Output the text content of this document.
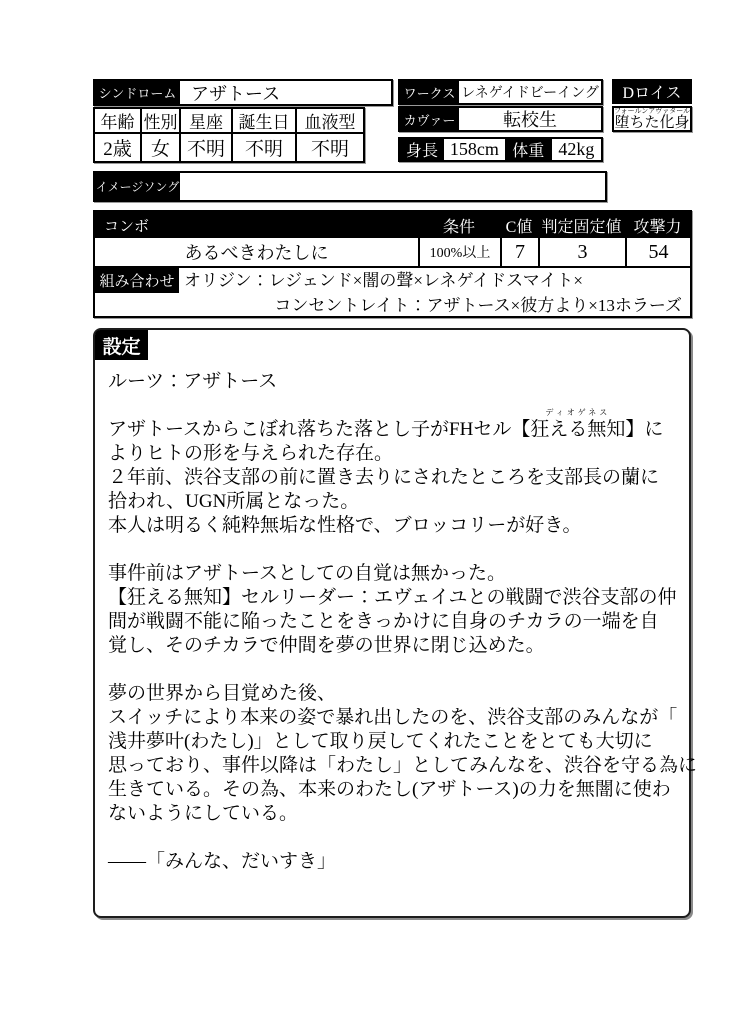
シンドローム アザトース
年齢 性別 星座 誕生日 血液型
2歳	女 不明	不明	不明
ワークス レネゲイドビーイング
カヴァー	転校生
身長 158cm 体重 42kg
Dロイス
フォールンアヴァタール
堕ちた化身
イメージソング
コンボ	条件	C値 判定固定値 攻撃力
あるべきわたしに	100%以上	7	3	54
組み合わせ オリジン：レジェンド×闇の聲×レネゲイドスマイト×
コンセントレイト：アザトース×彼方より×13ホラーズ
設定
ルーツ：アザトース
アザトースからこぼれ落ちた落とし子がFHセル【
ディオゲネス
狂える無知】に
よりヒトの形を与えられた存在。
２年前、渋谷支部の前に置き去りにされたところを支部長の蘭に
拾われ、UGN所属となった。
本人は明るく純粋無垢な性格で、ブロッコリーが好き。
事件前はアザトースとしての自覚は無かった。
【狂える無知】セルリーダー：エヴェイユとの戦闘で渋谷支部の仲
間が戦闘不能に陥ったことをきっかけに自身のチカラの一端を自
覚し、そのチカラで仲間を夢の世界に閉じ込めた。
夢の世界から目覚めた後、
スイッチにより本来の姿で暴れ出したのを、渋谷支部のみんなが「
浅井夢叶(わたし)」として取り戻してくれたことをとても大切に
思っており、事件以降は「わたし」としてみんなを、渋谷を守る為に
生きている。その為、本来のわたし(アザトース)の力を無闇に使わ
ないようにしている。
――「みんな、だいすき」
